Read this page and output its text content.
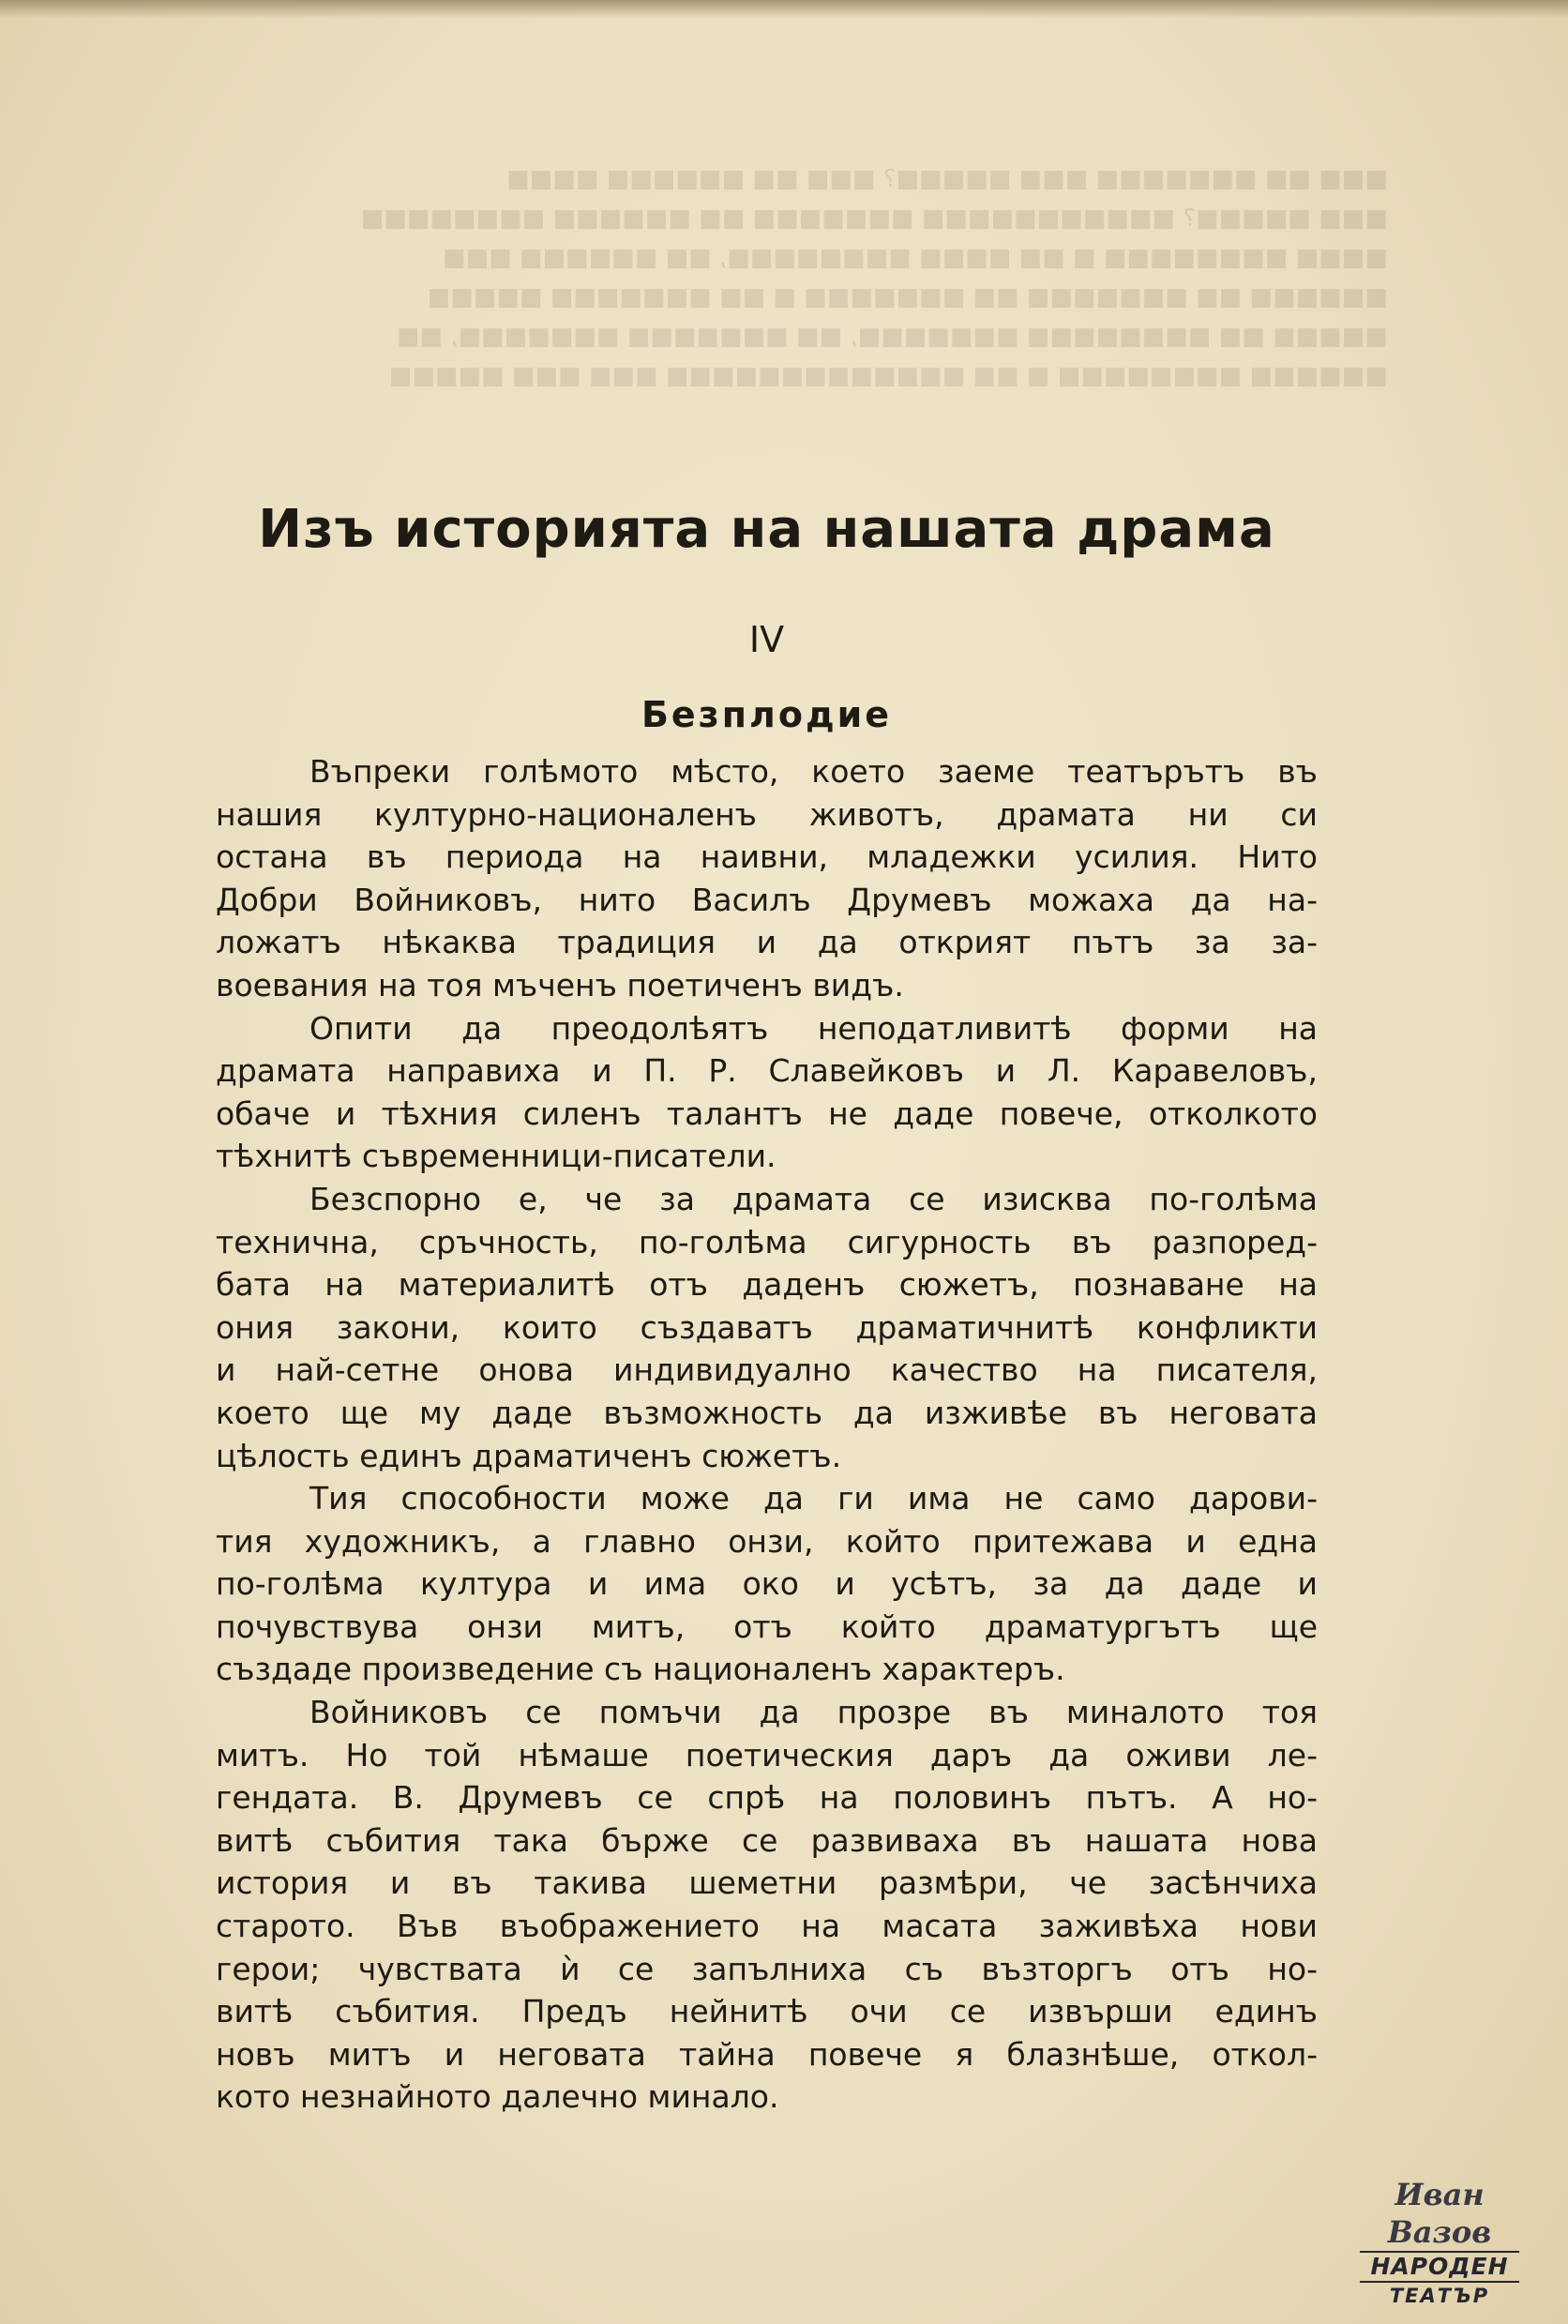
■■■ ■■ ■■■■■■■ ■■■ ■■■■■? ■■■ ■■ ■■■■■■ ■■■■
■■■ ■■■■■? ■■■■■■■■■■■ ■■■■■■■ ■■ ■■■■■■ ■■■■■■■■
■■■■ ■■■■■■■■ ■ ■■ ■■■■ ■■■■■■■■, ■■ ■■■■■■ ■■■
■■■■■■ ■■ ■■■■■■■ ■■ ■■■■■■■ ■ ■■ ■■■■■■■ ■■■■■
■■■■■ ■■ ■■■■■■■■ ■■■■■■■, ■■ ■■■■■■■ ■■■■■■■, ■■
■■■■■■ ■■■■■■■■ ■ ■■ ■■■■■■■■■■■■■ ■■■ ■■■ ■■■■■
Изъ историята на нашата драма
IV
Безплодие
Въпреки голѣмото мѣсто, което заеме театърътъ въ
нашия културно-националенъ животъ, драмата ни си
остана въ периода на наивни, младежки усилия. Нито
Добри Войниковъ, нито Василъ Друмевъ можаха да на-
ложатъ нѣкаква традиция и да открият пътъ за за-
воевания на тоя мъченъ поетиченъ видъ.
Опити да преодолѣятъ неподатливитѣ форми на
драмата направиха и П. Р. Славейковъ и Л. Каравеловъ,
обаче и тѣхния силенъ талантъ не даде повече, отколкото
тѣхнитѣ съвременници-писатели.
Безспорно е, че за драмата се изисква по-голѣма
технична, сръчность, по-голѣма сигурность въ разпоред-
бата на материалитѣ отъ даденъ сюжетъ, познаване на
ония закони, които създаватъ драматичнитѣ конфликти
и най-сетне онова индивидуално качество на писателя,
което ще му даде възможность да изживѣе въ неговата
цѣлость единъ драматиченъ сюжетъ.
Тия способности може да ги има не само дарови-
тия художникъ, а главно онзи, който притежава и една
по-голѣма култура и има око и усѣтъ, за да даде и
почувствува онзи митъ, отъ който драматургътъ ще
създаде произведение съ националенъ характеръ.
Войниковъ се помъчи да прозре въ миналото тоя
митъ. Но той нѣмаше поетическия даръ да оживи ле-
гендата. В. Друмевъ се спрѣ на половинъ пътъ. А но-
витѣ събития така бърже се развиваха въ нашата нова
история и въ такива шеметни размѣри, че засѣнчиха
старото. Във въображението на масата заживѣха нови
герои; чувствата ѝ се запълниха съ възторгъ отъ но-
витѣ събития. Предъ нейнитѣ очи се извърши единъ
новъ митъ и неговата тайна повече я блазнѣше, откол-
кото незнайното далечно минало.
Иван Вазов
НАРОДЕН
ТЕАТЪР
